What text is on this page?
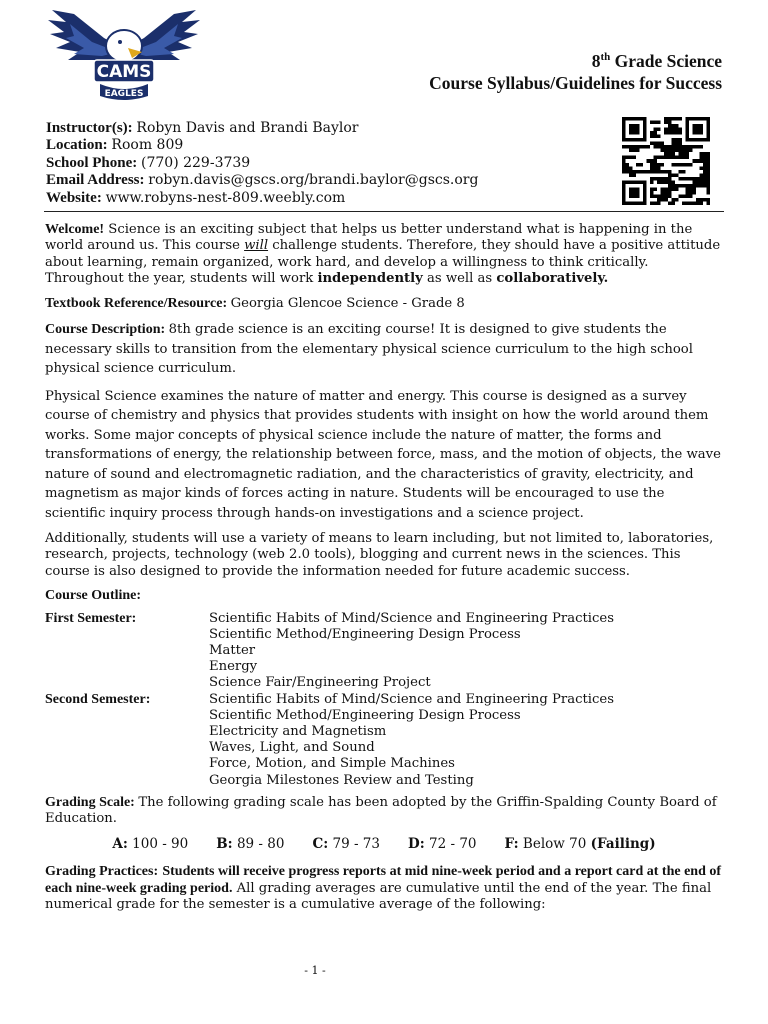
CAMS
EAGLES
8th Grade Science
Course Syllabus/Guidelines for Success
Instructor(s): Robyn Davis and Brandi Baylor
Location: Room 809
School Phone: (770) 229-3739
Email Address: robyn.davis@gscs.org/brandi.baylor@gscs.org
Website: www.robyns-nest-809.weebly.com

Welcome! Science is an exciting subject that helps us better understand what is happening in the world around us. This course will challenge students. Therefore, they should have a positive attitude about learning, remain organized, work hard, and develop a willingness to think critically. Throughout the year, students will work independently as well as collaboratively.

Textbook Reference/Resource: Georgia Glencoe Science - Grade 8

Course Description: 8th grade science is an exciting course! It is designed to give students the necessary skills to transition from the elementary physical science curriculum to the high school physical science curriculum.

Physical Science examines the nature of matter and energy. This course is designed as a survey course of chemistry and physics that provides students with insight on how the world around them works. Some major concepts of physical science include the nature of matter, the forms and transformations of energy, the relationship between force, mass, and the motion of objects, the wave nature of sound and electromagnetic radiation, and the characteristics of gravity, electricity, and magnetism as major kinds of forces acting in nature. Students will be encouraged to use the scientific inquiry process through hands-on investigations and a science project.

Additionally, students will use a variety of means to learn including, but not limited to, laboratories, research, projects, technology (web 2.0 tools), blogging and current news in the sciences. This course is also designed to provide the information needed for future academic success.

Course Outline:

First Semester:	Scientific Habits of Mind/Science and Engineering Practices
Scientific Method/Engineering Design Process
Matter
Energy
Science Fair/Engineering Project
Second Semester:	Scientific Habits of Mind/Science and Engineering Practices
Scientific Method/Engineering Design Process
Electricity and Magnetism
Waves, Light, and Sound
Force, Motion, and Simple Machines
Georgia Milestones Review and Testing

Grading Scale: The following grading scale has been adopted by the Griffin-Spalding County Board of Education.

A: 100 - 90 B: 89 - 80 C: 79 - 73 D: 72 - 70 F: Below 70 (Failing)

Grading Practices: Students will receive progress reports at mid nine-week period and a report card at the end of each nine-week grading period. All grading averages are cumulative until the end of the year. The final numerical grade for the semester is a cumulative average of the following:

- 1 -
